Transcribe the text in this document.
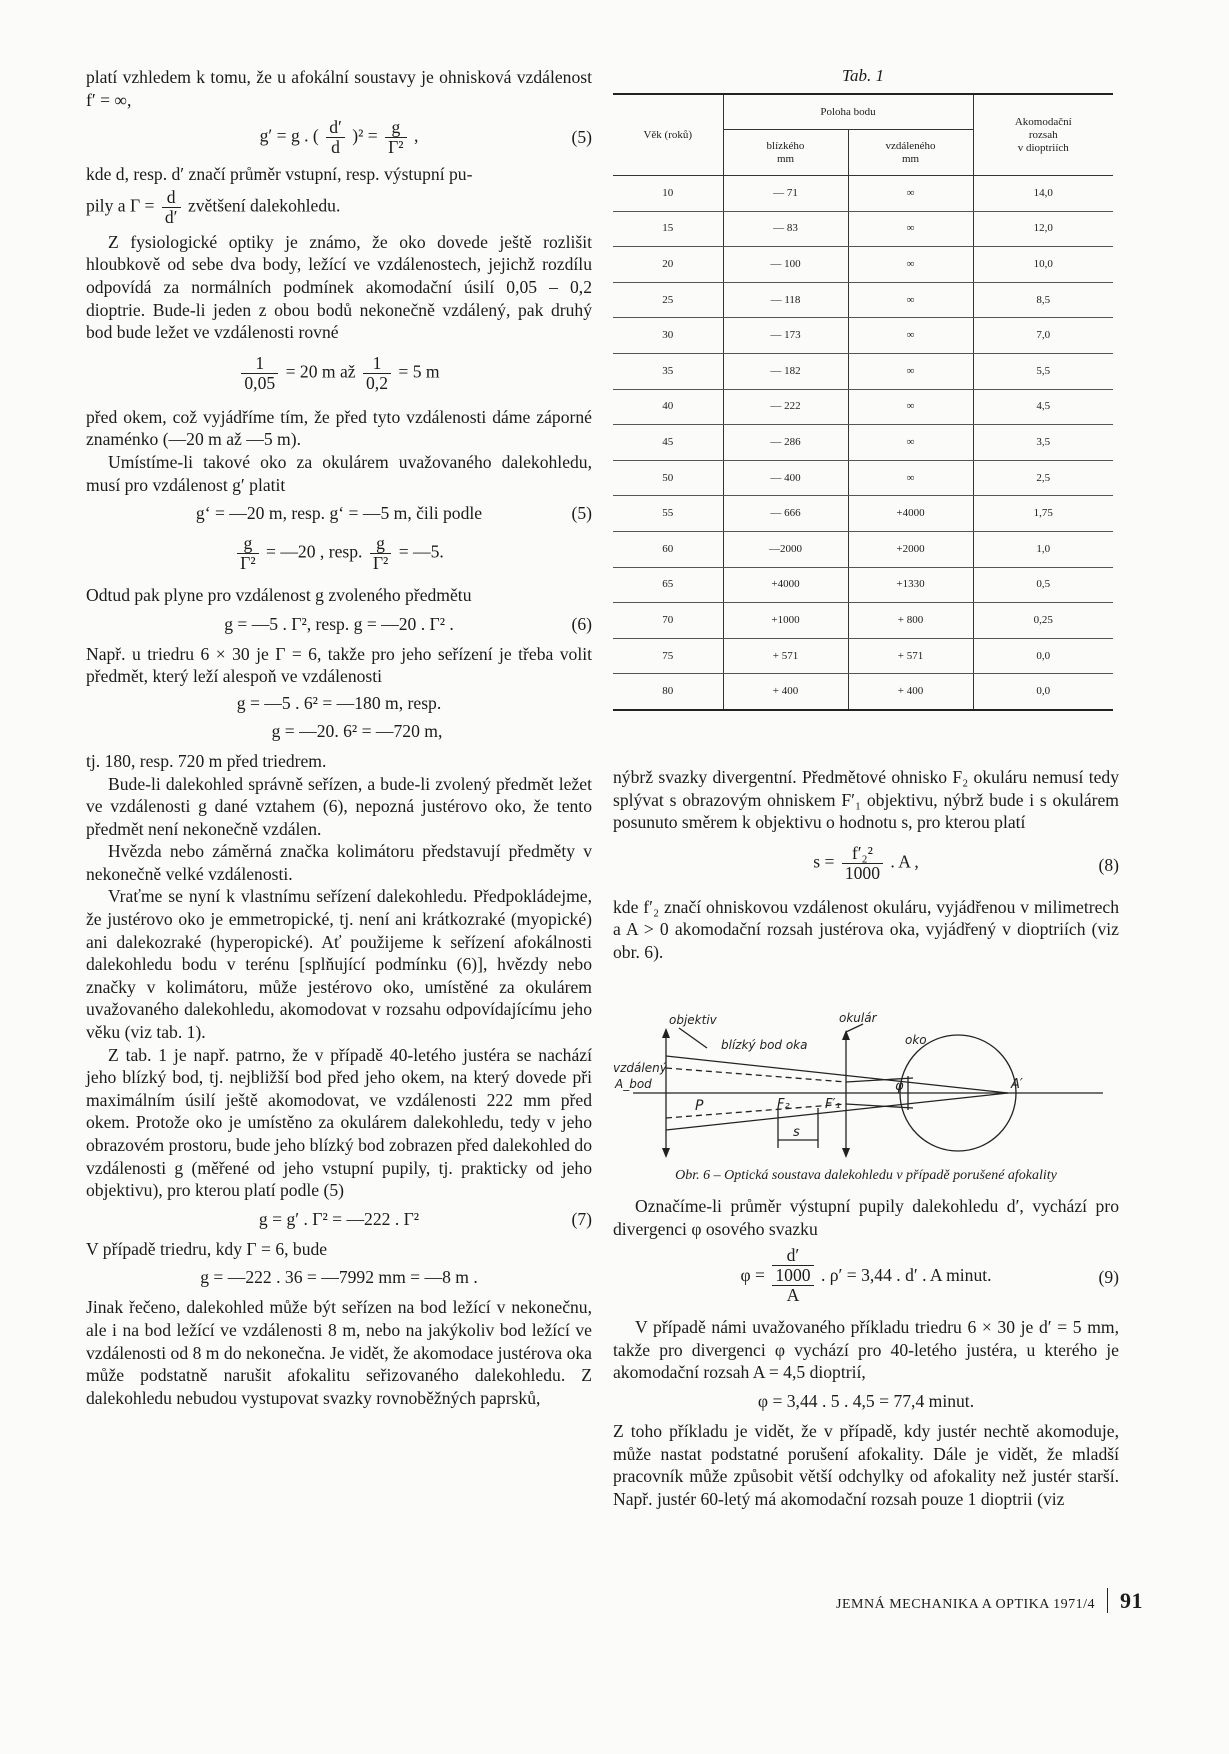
platí vzhledem k tomu, že u afokální soustavy je ohnisková vzdálenost f′ = ∞,

g′ = g . ( $\frac{d'}{d} )^2 = \frac{g}{\text{Γ²}}$ ,	(5)

kde d, resp. d′ značí průměr vstupní, resp. výstupní pu-

pily a $\Gamma = \frac{d}{d'}$ zvětšení dalekohledu.

Z fysiologické optiky je známo, že oko dovede ještě rozlišit hloubkově od sebe dva body, ležící ve vzdálenostech, jejichž rozdílu odpovídá za normálních podmínek akomodační úsilí 0,05 – 0,2 dioptrie. Bude-li jeden z obou bodů nekonečně vzdálený, pak druhý bod bude ležet ve vzdálenosti rovné

$\frac{1}{0,05} = 20$ m až $\frac{1}{0,2} = 5$ m

před okem, což vyjádříme tím, že před tyto vzdálenosti dáme záporné znaménko (—20 m až —5 m).

Umístíme-li takové oko za okulárem uvažovaného dalekohledu, musí pro vzdálenost g′ platit

g‘ = —20 m, resp. g‘ = —5 m, čili podle	(5)
$\frac{g}{\text{Γ²}}$ = —20 , resp. $\frac{g}{\text{Γ²}}$ = —5.

Odtud pak plyne pro vzdálenost g zvoleného předmětu

g = —5 . Γ², resp. g = —20 . Γ² .	(6)

Např. u triedru 6 × 30 je Γ = 6, takže pro jeho seřízení je třeba volit předmět, který leží alespoň ve vzdálenosti

g = —5 . 6² = —180 m, resp.
g = —20. 6² = —720 m,

tj. 180, resp. 720 m před triedrem.

Bude-li dalekohled správně seřízen, a bude-li zvolený předmět ležet ve vzdálenosti g dané vztahem (6), nepozná justérovo oko, že tento předmět není nekonečně vzdálen.

Hvězda nebo záměrná značka kolimátoru představují předměty v nekonečně velké vzdálenosti.

Vraťme se nyní k vlastnímu seřízení dalekohledu. Předpokládejme, že justérovo oko je emmetropické, tj. není ani krátkozraké (myopické) ani dalekozraké (hyperopické). Ať použijeme k seřízení afokálnosti dalekohledu bodu v terénu [splňující podmínku (6)], hvězdy nebo značky v kolimátoru, může jestérovo oko, umístěné za okulárem uvažovaného dalekohledu, akomodovat v rozsahu odpovídajícímu jeho věku (viz tab. 1).

Z tab. 1 je např. patrno, že v případě 40-letého justéra se nachází jeho blízký bod, tj. nejbližší bod před jeho okem, na který dovede při maximálním úsilí ještě akomodovat, ve vzdálenosti 222 mm před okem. Protože oko je umístěno za okulárem dalekohledu, tedy v jeho obrazovém prostoru, bude jeho blízký bod zobrazen před dalekohled do vzdálenosti g (měřené od jeho vstupní pupily, tj. prakticky od jeho objektivu), pro kterou platí podle (5)

g = g′ . Γ² = —222 . Γ²	(7)

V případě triedru, kdy Γ = 6, bude

g = —222 . 36 = —7992 mm = —8 m .

Jinak řečeno, dalekohled může být seřízen na bod ležící v nekonečnu, ale i na bod ležící ve vzdálenosti 8 m, nebo na jakýkoliv bod ležící ve vzdálenosti od 8 m do nekonečna. Je vidět, že akomodace justérova oka může podstatně narušit afokalitu seřizovaného dalekohledu. Z dalekohledu nebudou vystupovat svazky rovnoběžných paprsků,

Tab. 1
Věk (roků)	Poloha bodu		Akomodační
rozsah
v dioptriích
	blízkého
mm	vzdáleného
mm	
10	— 71	∞	14,0
15	— 83	∞	12,0
20	— 100	∞	10,0
25	— 118	∞	8,5
30	— 173	∞	7,0
35	— 182	∞	5,5
40	— 222	∞	4,5
45	— 286	∞	3,5
50	— 400	∞	2,5
55	— 666	+4000	1,75
60	—2000	+2000	1,0
65	+4000	+1330	0,5
70	+1000	+ 800	0,25
75	+ 571	+ 571	0,0
80	+ 400	+ 400	0,0

nýbrž svazky divergentní. Předmětové ohnisko F₂ okuláru nemusí tedy splývat s obrazovým ohniskem F′₁ objektivu, nýbrž bude i s okulárem posunuto směrem k objektivu o hodnotu s, pro kterou platí

$s = \frac{\text{f′₂²}}{1000}$ . A ,	(8)

kde f′₂ značí ohniskovou vzdálenost okuláru, vyjádřenou v milimetrech a A > 0 akomodační rozsah justérova oka, vyjádřený v dioptriích (viz obr. 6).

objektiv	okulár
oko
blízký bod oka
vzdálený
A_bod
P	F₂	F′₁
φ	A′
s
Obr. 6 – Optická soustava dalekohledu v případě porušené afokality

Označíme-li průměr výstupní pupily dalekohledu d′, vychází pro divergenci φ osového svazku

φ =
d′
1000
A
. ρ′ = 3,44 . d′ . A minut.	(9)

V případě námi uvažovaného příkladu triedru 6 × 30 je d′ = 5 mm, takže pro divergenci φ vychází pro 40-letého justéra, u kterého je akomodační rozsah A = 4,5 dioptrií,

φ = 3,44 . 5 . 4,5 = 77,4 minut.

Z toho příkladu je vidět, že v případě, kdy justér nechtě akomoduje, může nastat podstatné porušení afokality. Dále je vidět, že mladší pracovník může způsobit větší odchylky od afokality než justér starší. Např. justér 60-letý má akomodační rozsah pouze 1 dioptrii (viz

JEMNÁ MECHANIKA A OPTIKA 1971/4 91
